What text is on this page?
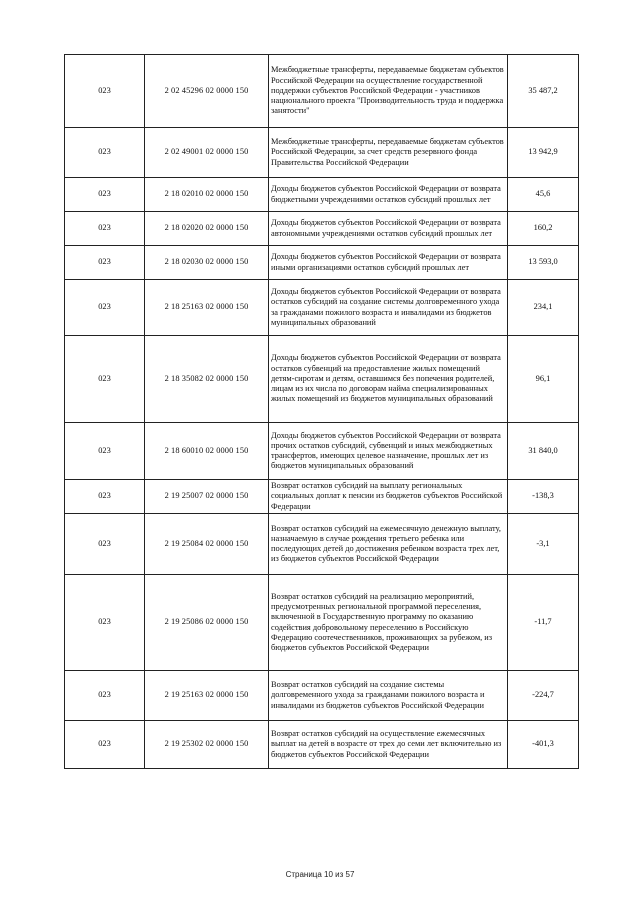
023	2 02 45296 02 0000 150	Межбюджетные трансферты, передаваемые бюджетам субъектов Российской Федерации на осуществление государственной поддержки субъектов Российской Федерации - участников национального проекта "Производительность труда и поддержка занятости"	35 487,2
023	2 02 49001 02 0000 150	Межбюджетные трансферты, передаваемые бюджетам субъектов Российской Федерации, за счет средств резервного фонда Правительства Российской Федерации	13 942,9
023	2 18 02010 02 0000 150	Доходы бюджетов субъектов Российской Федерации от возврата бюджетными учреждениями остатков субсидий прошлых лет	45,6
023	2 18 02020 02 0000 150	Доходы бюджетов субъектов Российской Федерации от возврата автономными учреждениями остатков субсидий прошлых лет	160,2
023	2 18 02030 02 0000 150	Доходы бюджетов субъектов Российской Федерации от возврата иными организациями остатков субсидий прошлых лет	13 593,0
023	2 18 25163 02 0000 150	Доходы бюджетов субъектов Российской Федерации от возврата остатков субсидий на создание системы долговременного ухода за гражданами пожилого возраста и инвалидами из бюджетов муниципальных образований	234,1
023	2 18 35082 02 0000 150	Доходы бюджетов субъектов Российской Федерации от возврата остатков субвенций на предоставление жилых помещений детям-сиротам и детям, оставшимся без попечения родителей, лицам из их числа по договорам найма специализированных жилых помещений из бюджетов муниципальных образований	96,1
023	2 18 60010 02 0000 150	Доходы бюджетов субъектов Российской Федерации от возврата прочих остатков субсидий, субвенций и иных межбюджетных трансфертов, имеющих целевое назначение, прошлых лет из бюджетов муниципальных образований	31 840,0
023	2 19 25007 02 0000 150	Возврат остатков субсидий на выплату региональных социальных доплат к пенсии из бюджетов субъектов Российской Федерации	-138,3
023	2 19 25084 02 0000 150	Возврат остатков субсидий на ежемесячную денежную выплату, назначаемую в случае рождения третьего ребенка или последующих детей до достижения ребенком возраста трех лет, из бюджетов субъектов Российской Федерации	-3,1
023	2 19 25086 02 0000 150	Возврат остатков субсидий на реализацию мероприятий, предусмотренных региональной программой переселения, включенной в Государственную программу по оказанию содействия добровольному переселению в Российскую Федерацию соотечественников, проживающих за рубежом, из бюджетов субъектов Российской Федерации	-11,7
023	2 19 25163 02 0000 150	Возврат остатков субсидий на создание системы долговременного ухода за гражданами пожилого возраста и инвалидами из бюджетов субъектов Российской Федерации	-224,7
023	2 19 25302 02 0000 150	Возврат остатков субсидий на осуществление ежемесячных выплат на детей в возрасте от трех до семи лет включительно из бюджетов субъектов Российской Федерации	-401,3
Страница 10 из 57
